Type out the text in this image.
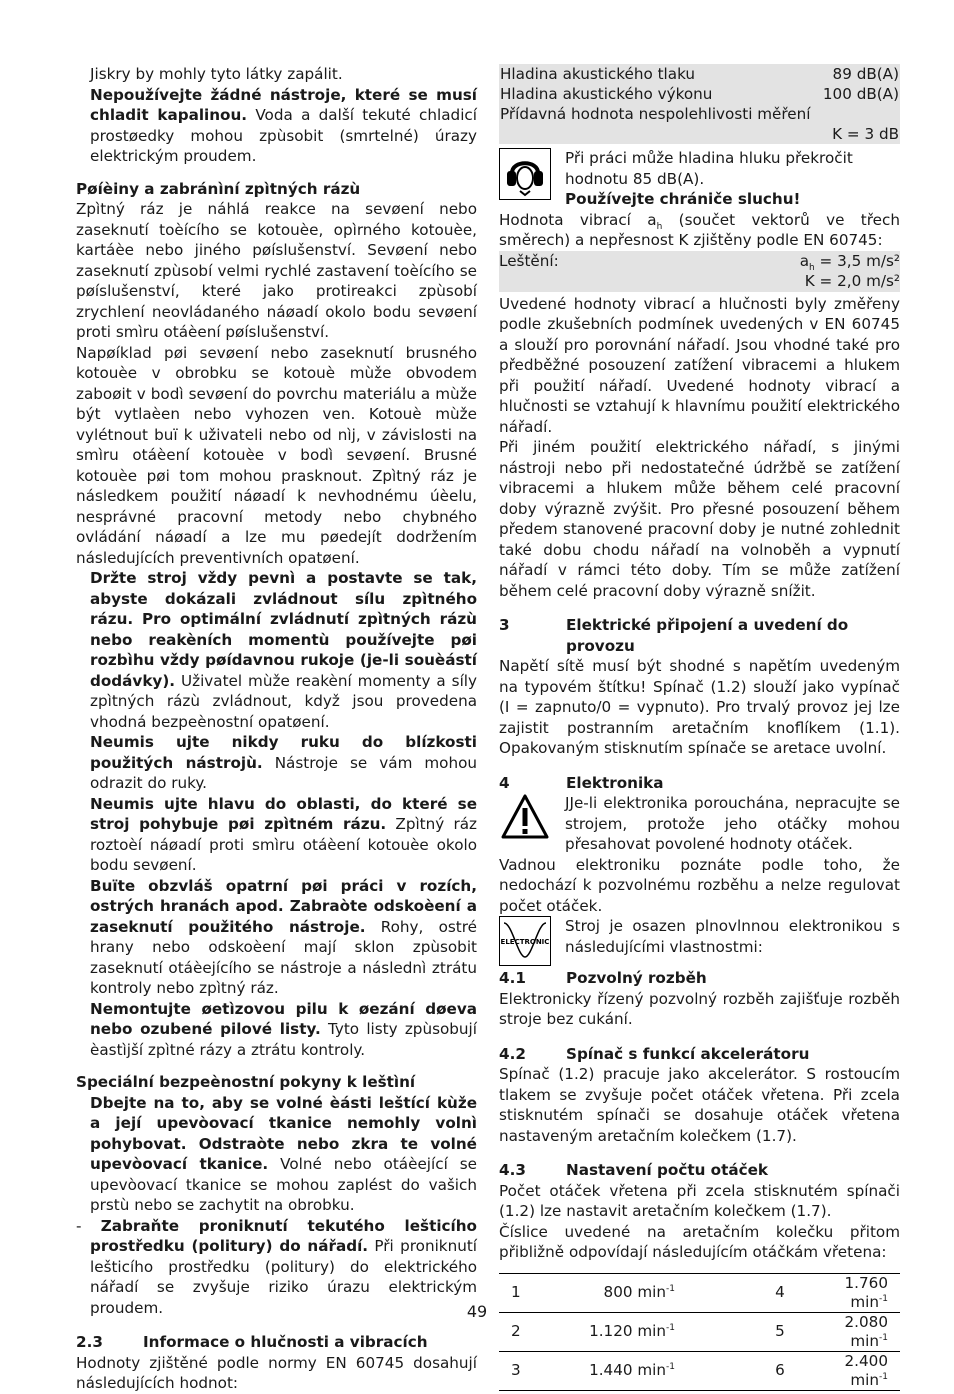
Jiskry by mohly tyto látky zapálit.

Nepoužívejte žádné nástroje, které se musí chladit kapalinou. Voda a další tekuté chladicí prostøedky mohou zpùsobit (smrtelné) úrazy elektrickým proudem.

Pøíèiny a zabránìní zpìtných rázù

Zpìtný ráz je náhlá reakce na sevøení nebo zaseknutí toèícího se kotouèe, opìrného kotouèe, kartáèe nebo jiného pøíslušenství. Sevøení nebo zaseknutí zpùsobí velmi rychlé zastavení toèícího se pøíslušenství, které jako protireakci zpùsobí zrychlení neovládaného náøadí okolo bodu sevøení proti smìru otáèení pøíslušenství.

Napøíklad pøi sevøení nebo zaseknutí brusného kotouèe v obrobku se kotouè mùže obvodem zaboøit v bodì sevøení do povrchu materiálu a mùže být vytlaèen nebo vyhozen ven. Kotouè mùže vylétnout buï k uživateli nebo od nìj, v závislosti na smìru otáèení kotouèe v bodì sevøení. Brusné kotouèe pøi tom mohou prasknout. Zpìtný ráz je následkem použití náøadí k nevhodnému úèelu, nesprávné pracovní metody nebo chybného ovládání náøadí a lze mu pøedejít dodržením následujících preventivních opatøení.

Držte stroj vždy pevnì a postavte se tak, abyste dokázali zvládnout sílu zpìtného rázu. Pro optimální zvládnutí zpìtných rázù nebo reakèních momentù používejte pøi rozbìhu vždy pøídavnou rukoje (je-li souèástí dodávky). Uživatel mùže reakèní momenty a síly zpìtných rázù zvládnout, když jsou provedena vhodná bezpeènostní opatøení.

Neumis ujte nikdy ruku do blízkosti použitých nástrojù. Nástroje se vám mohou odrazit do ruky.

Neumis ujte hlavu do oblasti, do které se stroj pohybuje pøi zpìtném rázu. Zpìtný ráz roztoèí náøadí proti smìru otáèení kotouèe okolo bodu sevøení.

Buïte obzvláš opatrní pøi práci v rozích, ostrých hranách apod. Zabraòte odskoèení a zaseknutí použitého nástroje. Rohy, ostré hrany nebo odskoèení mají sklon zpùsobit zaseknutí otáèejícího se nástroje a následnì ztrátu kontroly nebo zpìtný ráz.

Nemontujte øetìzovou pilu k øezání døeva nebo ozubené pilové listy. Tyto listy zpùsobují èastìjší zpìtné rázy a ztrátu kontroly.

Speciální bezpeènostní pokyny k leštìní

Dbejte na to, aby se volné èásti leštící kùže a její upevòovací tkanice nemohly volnì pohybovat. Odstraòte nebo zkra te volné upevòovací tkanice. Volné nebo otáèející se upevòovací tkanice se mohou zaplést do vašich prstù nebo se zachytit na obrobku.

- Zabraňte proniknutí tekutého lešticího prostředku (politury) do nářadí. Při proniknutí lešticího prostředku (politury) do elektrického nářadí se zvyšuje riziko úrazu elektrickým proudem.

2.3	Informace o hlučnosti a vibracích

Hodnoty zjištěné podle normy EN 60745 dosahují následujících hodnot:

Hladina akustického tlaku	89 dB(A)
Hladina akustického výkonu	100 dB(A)
Přídavná hodnota nespolehlivosti měření	
K = 3 dB	

Při práci může hladina hluku překročit hodnotu 85 dB(A).

Používejte chrániče sluchu!

Hodnota vibrací $a_h$ (součet vektorů ve třech směrech) a nepřesnost K zjištěny podle EN 60745:

Leštění:	$a_h = 3,5$ m/s²
K = 2,0 m/s²

Uvedené hodnoty vibrací a hlučnosti byly změřeny podle zkušebních podmínek uvedených v EN 60745 a slouží pro porovnání nářadí. Jsou vhodné také pro předběžné posouzení zatížení vibracemi a hlukem při použití nářadí. Uvedené hodnoty vibrací a hlučnosti se vztahují k hlavnímu použití elektrického nářadí.

Při jiném použití elektrického nářadí, s jinými nástroji nebo při nedostatečné údržbě se zatížení vibracemi a hlukem může během celé pracovní doby výrazně zvýšit. Pro přesné posouzení během předem stanovené pracovní doby je nutné zohlednit také dobu chodu nářadí na volnoběh a vypnutí nářadí v rámci této doby. Tím se může zatížení během celé pracovní doby výrazně snížit.

3	Elektrické připojení a uvedení do provozu

Napětí sítě musí být shodné s napětím uvedeným na typovém štítku! Spínač (1.2) slouží jako vypínač (I = zapnuto/0 = vypnuto). Pro trvalý provoz jej lze zajistit postranním aretačním knoflíkem (1.1). Opakovaným stisknutím spínače se aretace uvolní.

4	Elektronika

JJe-li elektronika porouchána, nepracujte se strojem, protože jeho otáčky mohou přesahovat povolené hodnoty otáček.

Vadnou elektroniku poznáte podle toho, že nedochází k pozvolnému rozběhu a nelze regulovat počet otáček.

ELECTRONIC

Stroj je osazen plnovlnnou elektronikou s následujícími vlastnostmi:

4.1	Pozvolný rozběh

Elektronicky řízený pozvolný rozběh zajišťuje rozběh stroje bez cukání.

4.2	Spínač s funkcí akcelerátoru

Spínač (1.2) pracuje jako akcelerátor. S rostoucím tlakem se zvyšuje počet otáček vřetena. Při zcela stisknutém spínači se dosahuje otáček vřetena nastaveným aretačním kolečkem (1.7).

4.3	Nastavení počtu otáček

Počet otáček vřetena při zcela stisknutém spínači (1.2) lze nastavit aretačním kolečkem (1.7).

Číslice uvedené na aretačním kolečku přitom přibližně odpovídají následujícím otáčkám vřetena:

1	800 $\min^{-1}$	4	1.760 $\min^{-1}$
2	1.120 $\min^{-1}$	5	2.080 $\min^{-1}$
3	1.440 $\min^{-1}$	6	2.400 $\min^{-1}$
49
